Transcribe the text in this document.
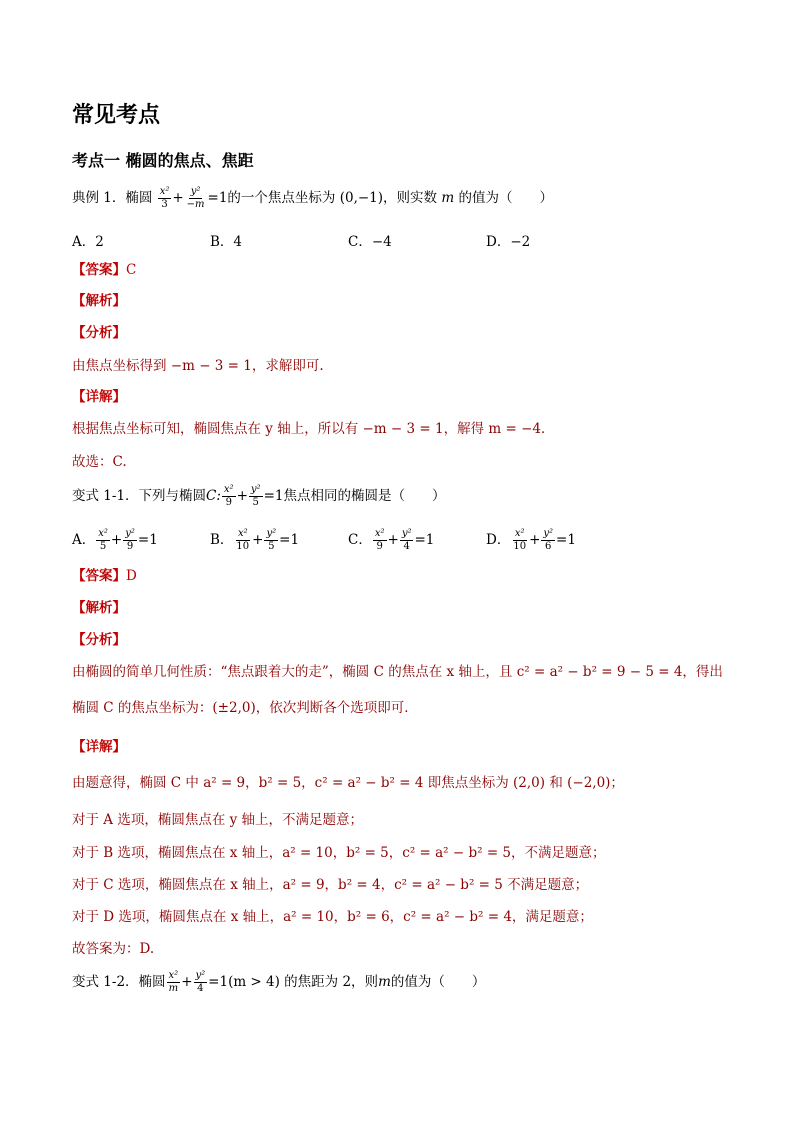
常见考点
考点一 椭圆的焦点、焦距
典例 1．椭圆 $\frac{\text{x²}}{3} + \frac{\text{y²}}{-m} =1$的一个焦点坐标为 (0,−1)，则实数 m 的值为（　　）
A．2	B．4	C．−4	D．−2
【答案】C
【解析】
【分析】
由焦点坐标得到 −m − 3 = 1，求解即可.
【详解】
根据焦点坐标可知，椭圆焦点在 y 轴上，所以有 −m − 3 = 1，解得 m = −4．
故选：C.
变式 1-1．下列与椭圆C: $\frac{\text{x²}}{9} + \frac{\text{y²}}{5} =1$焦点相同的椭圆是（　　）
A． $\frac{\text{x²}}{5} + \frac{\text{y²}}{9} =1$	B． $\frac{\text{x²}}{10} + \frac{\text{y²}}{5} =1$	C． $\frac{\text{x²}}{9} + \frac{\text{y²}}{4} =1$	D． $\frac{\text{x²}}{10} + \frac{\text{y²}}{6} =1$
【答案】D
【解析】
【分析】
由椭圆的简单几何性质：“焦点跟着大的走”，椭圆 C 的焦点在 x 轴上，且 c² = a² − b² = 9 − 5 = 4，得出
椭圆 C 的焦点坐标为：(±2,0)，依次判断各个选项即可．
【详解】
由题意得，椭圆 C 中 a² = 9，b² = 5，c² = a² − b² = 4 即焦点坐标为 (2,0) 和 (−2,0)；
对于 A 选项，椭圆焦点在 y 轴上，不满足题意；
对于 B 选项，椭圆焦点在 x 轴上，a² = 10，b² = 5，c² = a² − b² = 5，不满足题意；
对于 C 选项，椭圆焦点在 x 轴上，a² = 9，b² = 4，c² = a² − b² = 5 不满足题意；
对于 D 选项，椭圆焦点在 x 轴上，a² = 10，b² = 6，c² = a² − b² = 4，满足题意；
故答案为：D.
变式 1-2．椭圆 $\frac{\text{x²}}{m} + \frac{\text{y²}}{4} =1(m > 4)$ 的焦距为 2，则m的值为（　　）
